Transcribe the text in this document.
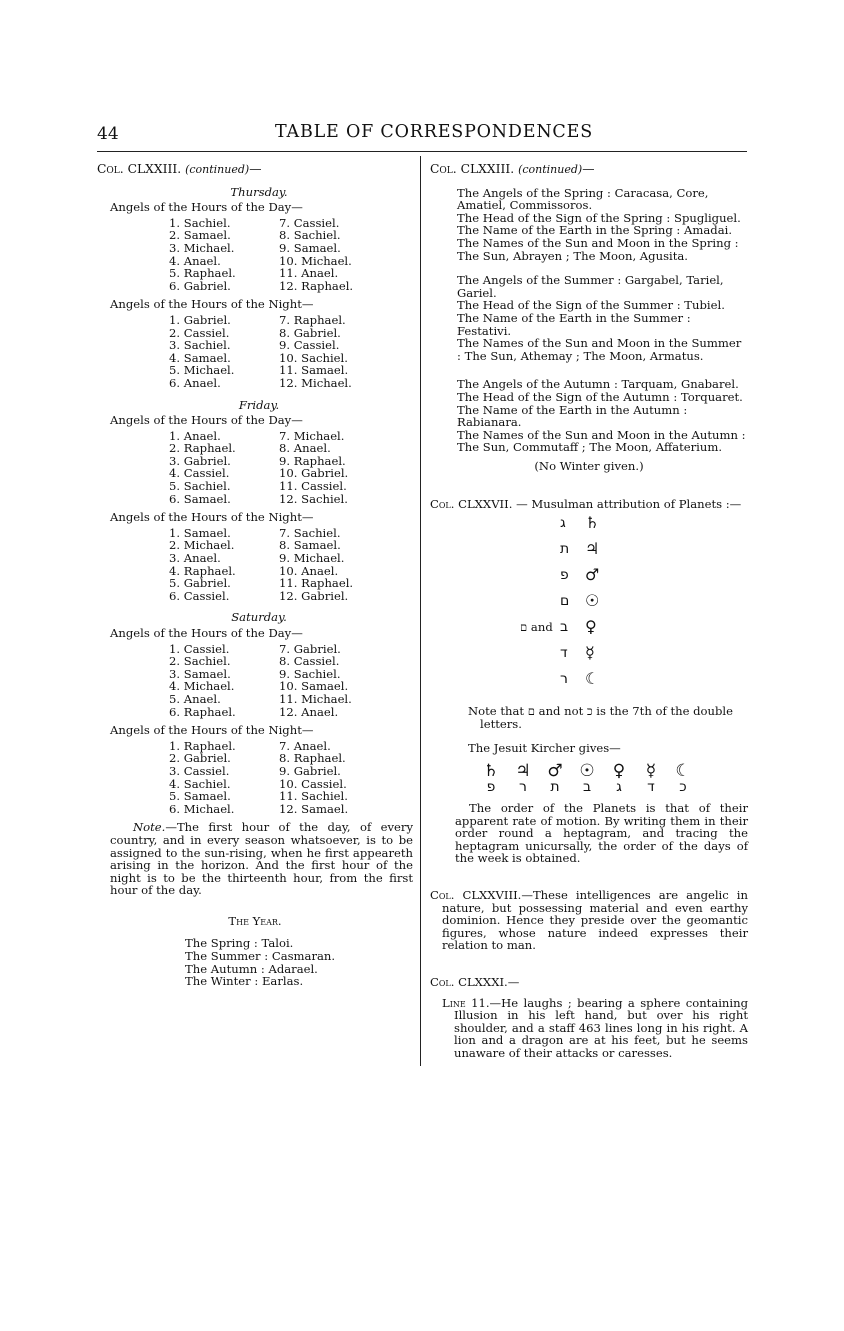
44	TABLE OF CORRESPONDENCES
Col. CLXXIII. (continued)—
Thursday.
Angels of the Hours of the Day—
1. Sachiel.	7. Cassiel.
2. Samael.	8. Sachiel.
3. Michael.	9. Samael.
4. Anael.	10. Michael.
5. Raphael.	11. Anael.
6. Gabriel.	12. Raphael.
Angels of the Hours of the Night—
1. Gabriel.	7. Raphael.
2. Cassiel.	8. Gabriel.
3. Sachiel.	9. Cassiel.
4. Samael.	10. Sachiel.
5. Michael.	11. Samael.
6. Anael.	12. Michael.
Friday.
Angels of the Hours of the Day—
1. Anael.	7. Michael.
2. Raphael.	8. Anael.
3. Gabriel.	9. Raphael.
4. Cassiel.	10. Gabriel.
5. Sachiel.	11. Cassiel.
6. Samael.	12. Sachiel.
Angels of the Hours of the Night—
1. Samael.	7. Sachiel.
2. Michael.	8. Samael.
3. Anael.	9. Michael.
4. Raphael.	10. Anael.
5. Gabriel.	11. Raphael.
6. Cassiel.	12. Gabriel.
Saturday.
Angels of the Hours of the Day—
1. Cassiel.	7. Gabriel.
2. Sachiel.	8. Cassiel.
3. Samael.	9. Sachiel.
4. Michael.	10. Samael.
5. Anael.	11. Michael.
6. Raphael.	12. Anael.
Angels of the Hours of the Night—
1. Raphael.	7. Anael.
2. Gabriel.	8. Raphael.
3. Cassiel.	9. Gabriel.
4. Sachiel.	10. Cassiel.
5. Samael.	11. Sachiel.
6. Michael.	12. Samael.

Note.—The first hour of the day, of every country, and in every season whatsoever, is to be assigned to the sun-rising, when he first appeareth arising in the horizon. And the first hour of the night is to be the thirteenth hour, from the first hour of the day.

The Year.
The Spring : Taloi.
The Summer : Casmaran.
The Autumn : Adarael.
The Winter : Earlas.
Col. CLXXIII. (continued)—

The Angels of the Spring : Caracasa, Core, Amatiel, Commissoros.

The Head of the Sign of the Spring : Spugliguel.

The Name of the Earth in the Spring : Amadai.

The Names of the Sun and Moon in the Spring : The Sun, Abrayen ; The Moon, Agusita.

The Angels of the Summer : Gargabel, Tariel, Gariel.

The Head of the Sign of the Summer : Tubiel.

The Name of the Earth in the Summer : Festativi.

The Names of the Sun and Moon in the Summer : The Sun, Athemay ; The Moon, Armatus.

The Angels of the Autumn : Tarquam, Gnabarel.

The Head of the Sign of the Autumn : Torquaret.

The Name of the Earth in the Autumn : Rabianara.

The Names of the Sun and Moon in the Autumn : The Sun, Commutaff ; The Moon, Affaterium.

(No Winter given.)

Col. CLXXVII. — Musulman attribution of Planets :—

ג ♄
ת ♃
פ ♂
ם ☉
ם and ב ♀
ד ☿
ר ☾

Note that ם and not כ is the 7th of the double letters.

The Jesuit Kircher gives—

♄ ♃ ♂ ☉	♀	☿	☾
פ	ר	ת	ב	ג	ד	כ

The order of the Planets is that of their apparent rate of motion. By writing them in their order round a heptagram, and tracing the heptagram unicursally, the order of the days of the week is obtained.

Col. CLXXVIII.—These intelligences are angelic in nature, but possessing material and even earthy dominion. Hence they preside over the geomantic figures, whose nature indeed expresses their relation to man.

Col. CLXXXI.—

Line 11.—He laughs ; bearing a sphere containing Illusion in his left hand, but over his right shoulder, and a staff 463 lines long in his right. A lion and a dragon are at his feet, but he seems unaware of their attacks or caresses.
